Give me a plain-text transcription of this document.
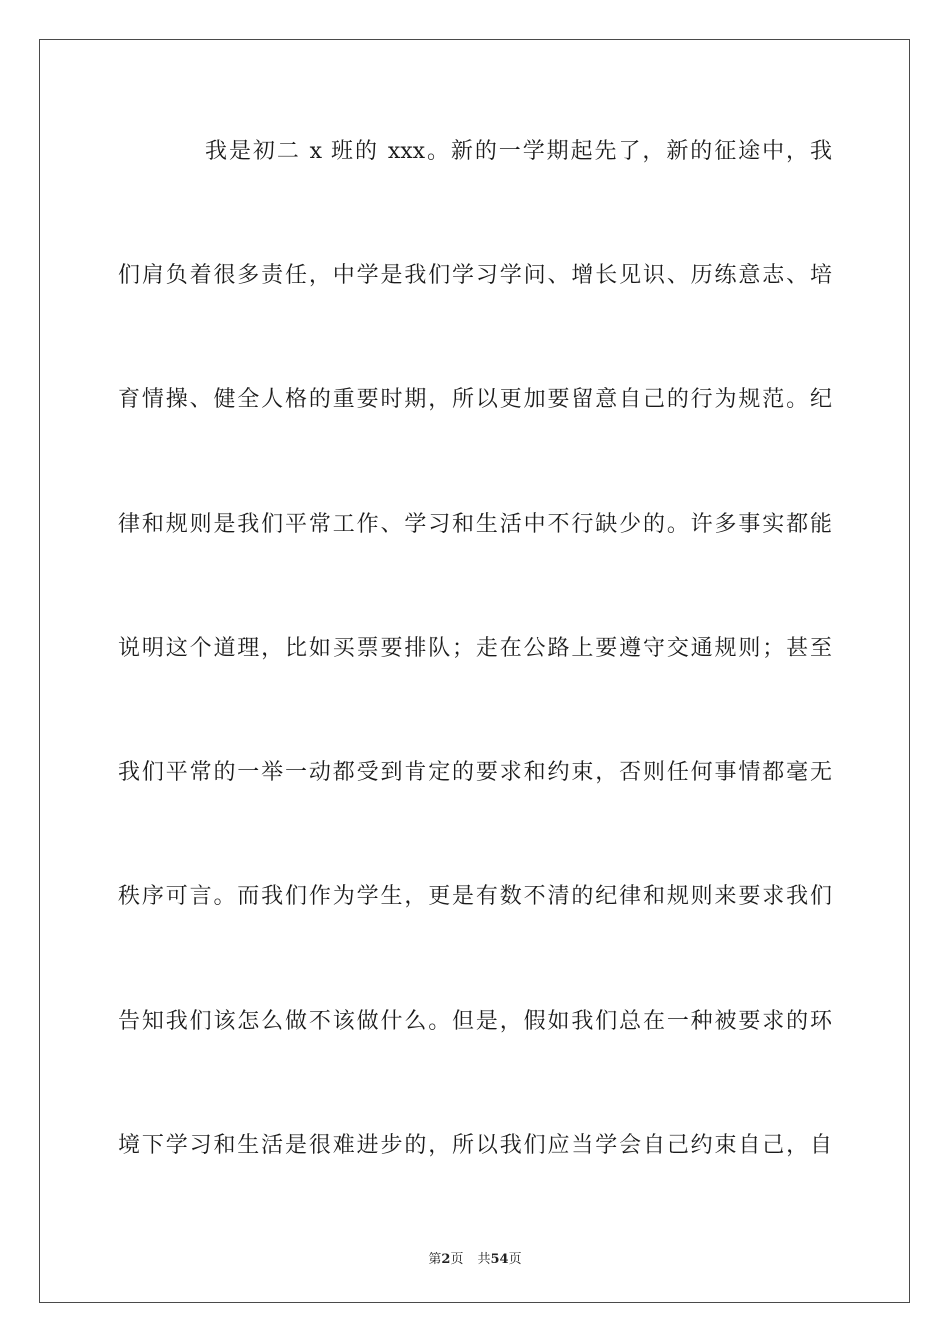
我是初二 x 班的 xxx。新的一学期起先了，新的征途中，我
们肩负着很多责任，中学是我们学习学问、增长见识、历练意志、培
育情操、健全人格的重要时期，所以更加要留意自己的行为规范。纪
律和规则是我们平常工作、学习和生活中不行缺少的。许多事实都能
说明这个道理，比如买票要排队；走在公路上要遵守交通规则；甚至
我们平常的一举一动都受到肯定的要求和约束，否则任何事情都毫无
秩序可言。而我们作为学生，更是有数不清的纪律和规则来要求我们
告知我们该怎么做不该做什么。但是，假如我们总在一种被要求的环
境下学习和生活是很难进步的，所以我们应当学会自己约束自己，自
第2页 共54页
